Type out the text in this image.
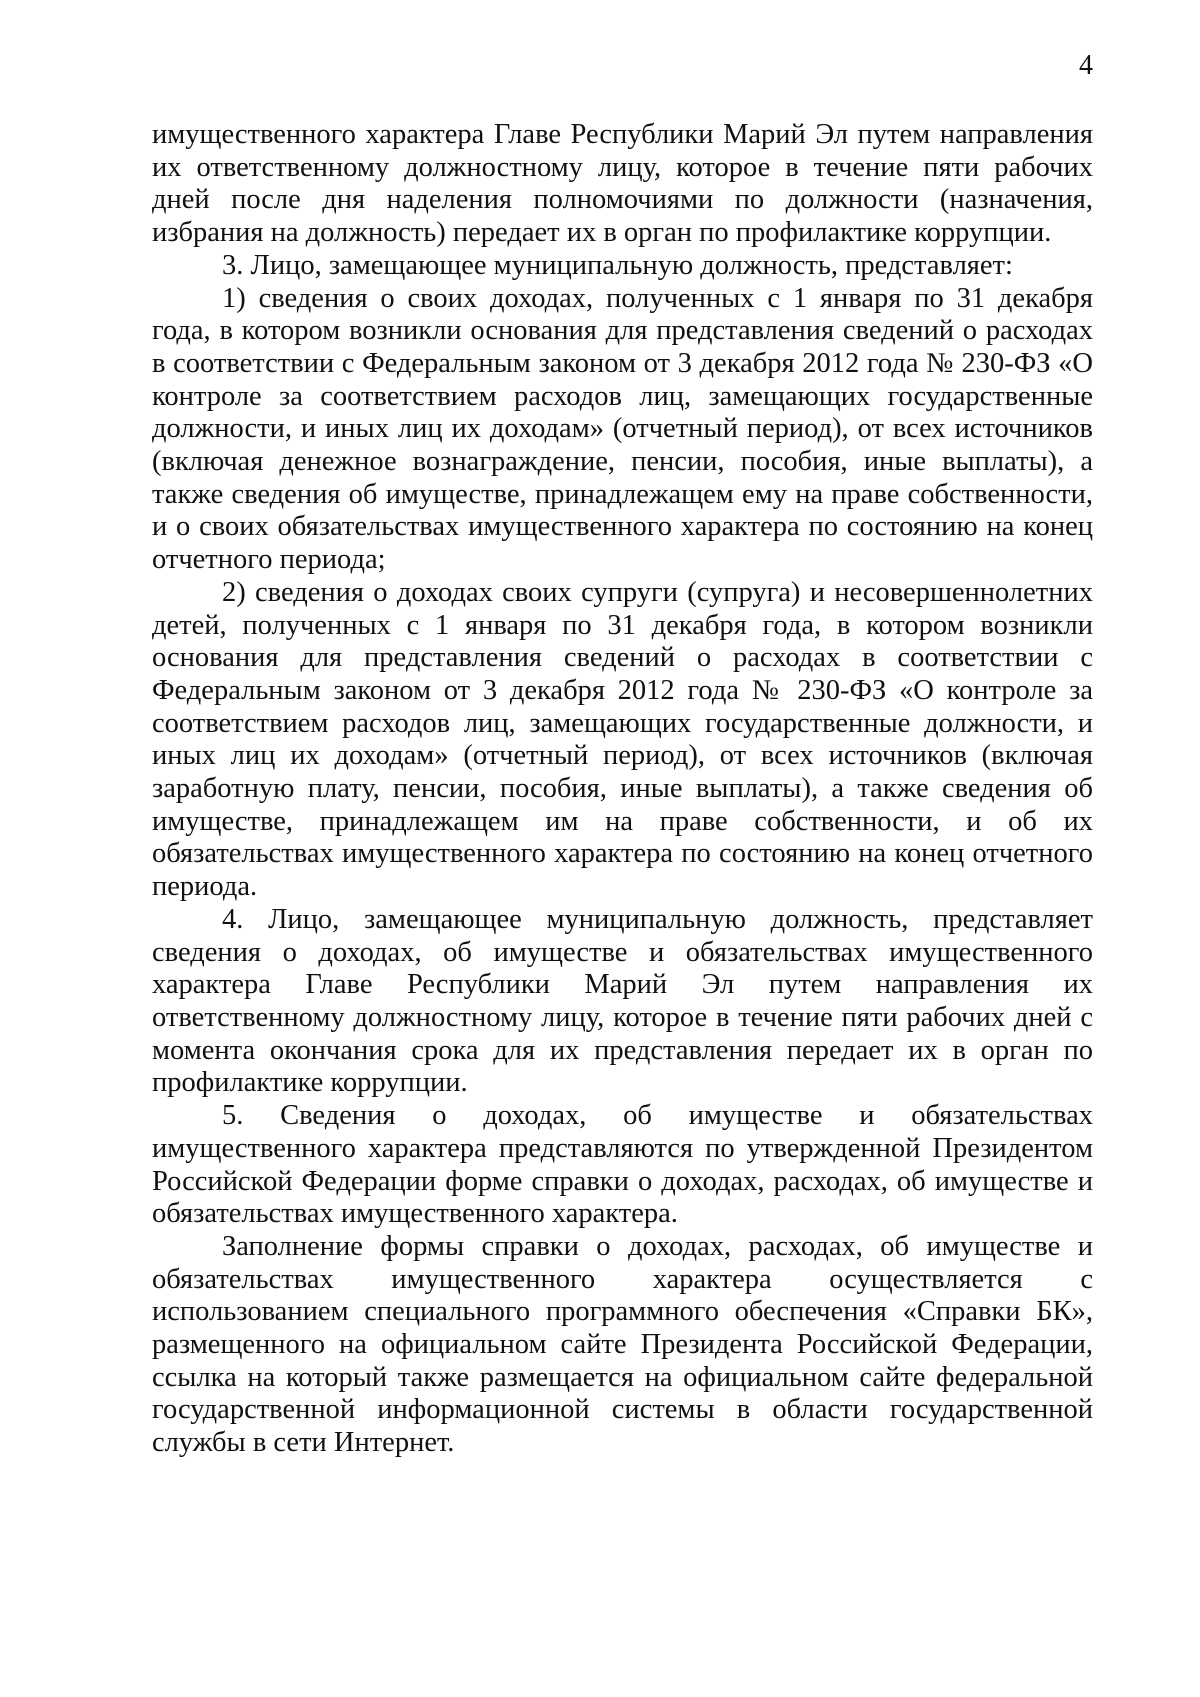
4

имущественного характера Главе Республики Марий Эл путем направления их ответственному должностному лицу, которое в течение пяти рабочих дней после дня наделения полномочиями по должности (назначения, избрания на должность) передает их в орган по профилактике коррупции.

3. Лицо, замещающее муниципальную должность, представляет:

1) сведения о своих доходах, полученных с 1 января по 31 декабря года, в котором возникли основания для представления сведений о расходах в соответствии с Федеральным законом от 3 декабря 2012 года № 230-ФЗ «О контроле за соответствием расходов лиц, замещающих государственные должности, и иных лиц их доходам» (отчетный период), от всех источников (включая денежное вознаграждение, пенсии, пособия, иные выплаты), а также сведения об имуществе, принадлежащем ему на праве собственности, и о своих обязательствах имущественного характера по состоянию на конец отчетного периода;

2) сведения о доходах своих супруги (супруга) и несовершеннолетних детей, полученных с 1 января по 31 декабря года, в котором возникли основания для представления сведений о расходах в соответствии с Федеральным законом от 3 декабря 2012 года № 230-ФЗ «О контроле за соответствием расходов лиц, замещающих государственные должности, и иных лиц их доходам» (отчетный период), от всех источников (включая заработную плату, пенсии, пособия, иные выплаты), а также сведения об имуществе, принадлежащем им на праве собственности, и об их обязательствах имущественного характера по состоянию на конец отчетного периода.

4. Лицо, замещающее муниципальную должность, представляет сведения о доходах, об имуществе и обязательствах имущественного характера Главе Республики Марий Эл путем направления их ответственному должностному лицу, которое в течение пяти рабочих дней с момента окончания срока для их представления передает их в орган по профилактике коррупции.

5. Сведения о доходах, об имуществе и обязательствах имущественного характера представляются по утвержденной Президентом Российской Федерации форме справки о доходах, расходах, об имуществе и обязательствах имущественного характера.

Заполнение формы справки о доходах, расходах, об имуществе и обязательствах имущественного характера осуществляется с использованием специального программного обеспечения «Справки БК», размещенного на официальном сайте Президента Российской Федерации, ссылка на который также размещается на официальном сайте федеральной государственной информационной системы в области государственной службы в сети Интернет.
